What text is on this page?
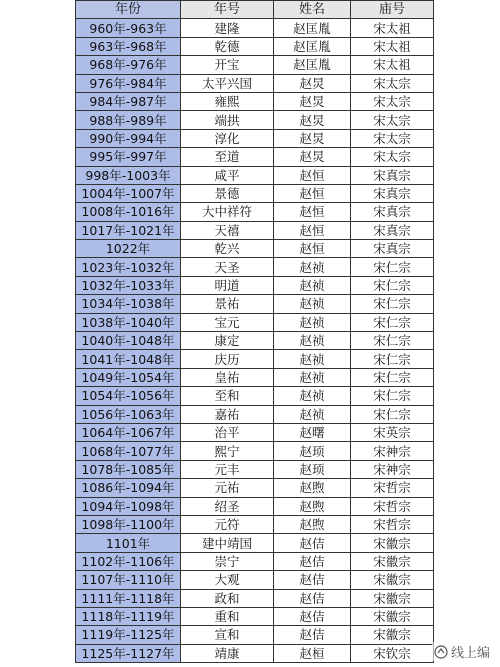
年份	年号	姓名	庙号
960年-963年	建隆	赵匡胤	宋太祖
963年-968年	乾德	赵匡胤	宋太祖
968年-976年	开宝	赵匡胤	宋太祖
976年-984年	太平兴国	赵炅	宋太宗
984年-987年	雍熙	赵炅	宋太宗
988年-989年	端拱	赵炅	宋太宗
990年-994年	淳化	赵炅	宋太宗
995年-997年	至道	赵炅	宋太宗
998年-1003年	咸平	赵恒	宋真宗
1004年-1007年	景德	赵恒	宋真宗
1008年-1016年	大中祥符	赵恒	宋真宗
1017年-1021年	天禧	赵恒	宋真宗
1022年	乾兴	赵恒	宋真宗
1023年-1032年	天圣	赵祯	宋仁宗
1032年-1033年	明道	赵祯	宋仁宗
1034年-1038年	景祐	赵祯	宋仁宗
1038年-1040年	宝元	赵祯	宋仁宗
1040年-1048年	康定	赵祯	宋仁宗
1041年-1048年	庆历	赵祯	宋仁宗
1049年-1054年	皇祐	赵祯	宋仁宗
1054年-1056年	至和	赵祯	宋仁宗
1056年-1063年	嘉祐	赵祯	宋仁宗
1064年-1067年	治平	赵曙	宋英宗
1068年-1077年	熙宁	赵顼	宋神宗
1078年-1085年	元丰	赵顼	宋神宗
1086年-1094年	元祐	赵煦	宋哲宗
1094年-1098年	绍圣	赵煦	宋哲宗
1098年-1100年	元符	赵煦	宋哲宗
1101年	建中靖国	赵佶	宋徽宗
1102年-1106年	崇宁	赵佶	宋徽宗
1107年-1110年	大观	赵佶	宋徽宗
1111年-1118年	政和	赵佶	宋徽宗
1118年-1119年	重和	赵佶	宋徽宗
1119年-1125年	宣和	赵佶	宋徽宗
1125年-1127年	靖康	赵桓	宋钦宗	线上编
